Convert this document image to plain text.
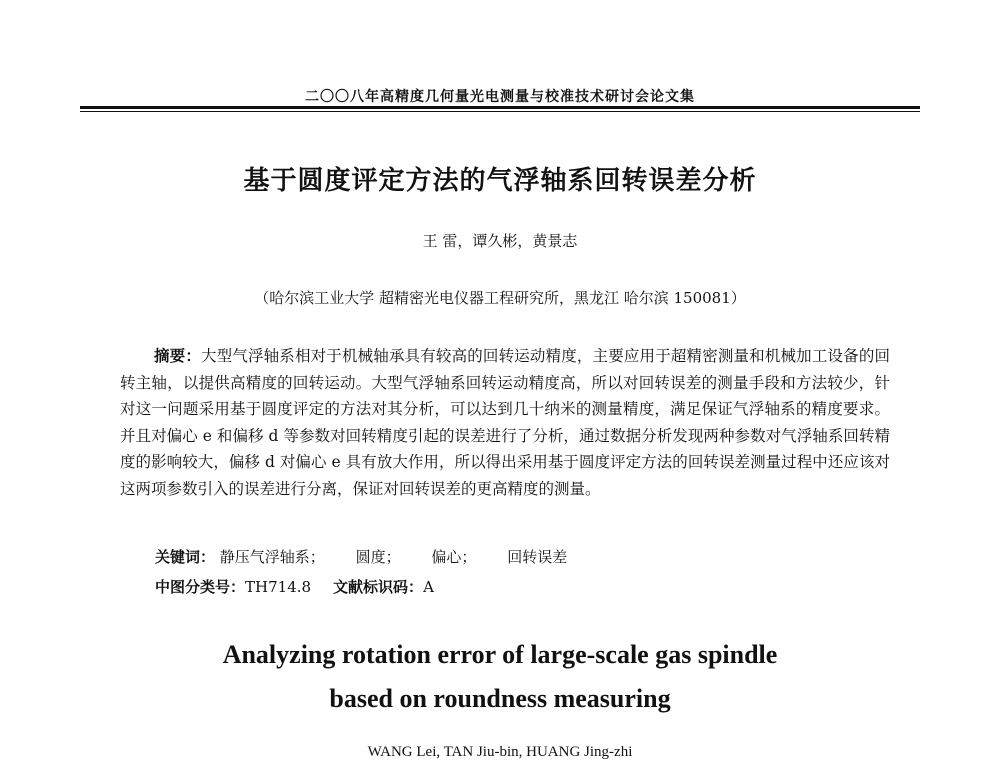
二〇〇八年高精度几何量光电测量与校准技术研讨会论文集
基于圆度评定方法的气浮轴系回转误差分析
王 雷，谭久彬，黄景志
（哈尔滨工业大学 超精密光电仪器工程研究所，黑龙江 哈尔滨 150081）
摘要：大型气浮轴系相对于机械轴承具有较高的回转运动精度，主要应用于超精密测量和机械加工设备的回转主轴，以提供高精度的回转运动。大型气浮轴系回转运动精度高，所以对回转误差的测量手段和方法较少，针对这一问题采用基于圆度评定的方法对其分析，可以达到几十纳米的测量精度，满足保证气浮轴系的精度要求。并且对偏心 e 和偏移 d 等参数对回转精度引起的误差进行了分析，通过数据分析发现两种参数对气浮轴系回转精度的影响较大，偏移 d 对偏心 e 具有放大作用，所以得出采用基于圆度评定方法的回转误差测量过程中还应该对这两项参数引入的误差进行分离，保证对回转误差的更高精度的测量。
关键词： 静压气浮轴系； 圆度； 偏心； 回转误差
中图分类号：TH714.8 文献标识码：A
Analyzing rotation error of large-scale gas spindle
based on roundness measuring
WANG Lei, TAN Jiu-bin, HUANG Jing-zhi
